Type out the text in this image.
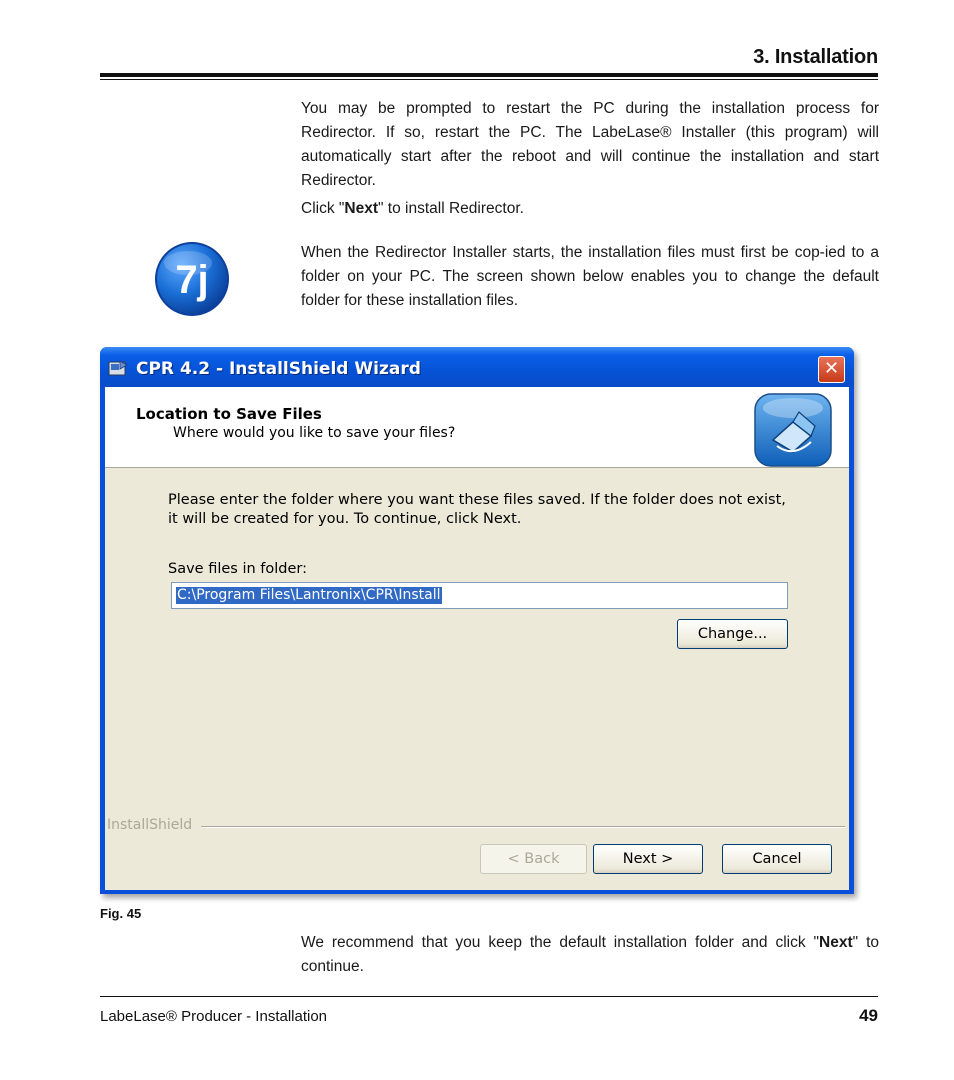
3. Installation
You may be prompted to restart the PC during the installation process for Redirector. If so, restart the PC. The LabeLase® Installer (this program) will automatically start after the reboot and will continue the installation and start Redirector.
Click "Next" to install Redirector.
7j
When the Redirector Installer starts, the installation files must first be cop-ied to a folder on your PC. The screen shown below enables you to change the default folder for these installation files.
CPR 4.2 - InstallShield Wizard	✕
Location to Save Files
Where would you like to save your files?
Please enter the folder where you want these files saved. If the folder does not exist, it will be created for you. To continue, click Next.
Save files in folder:
C:\Program Files\Lantronix\CPR\Install
Change...
InstallShield
< Back	Next >	Cancel
Fig. 45
We recommend that you keep the default installation folder and click "Next" to continue.
LabeLase® Producer - Installation	49
